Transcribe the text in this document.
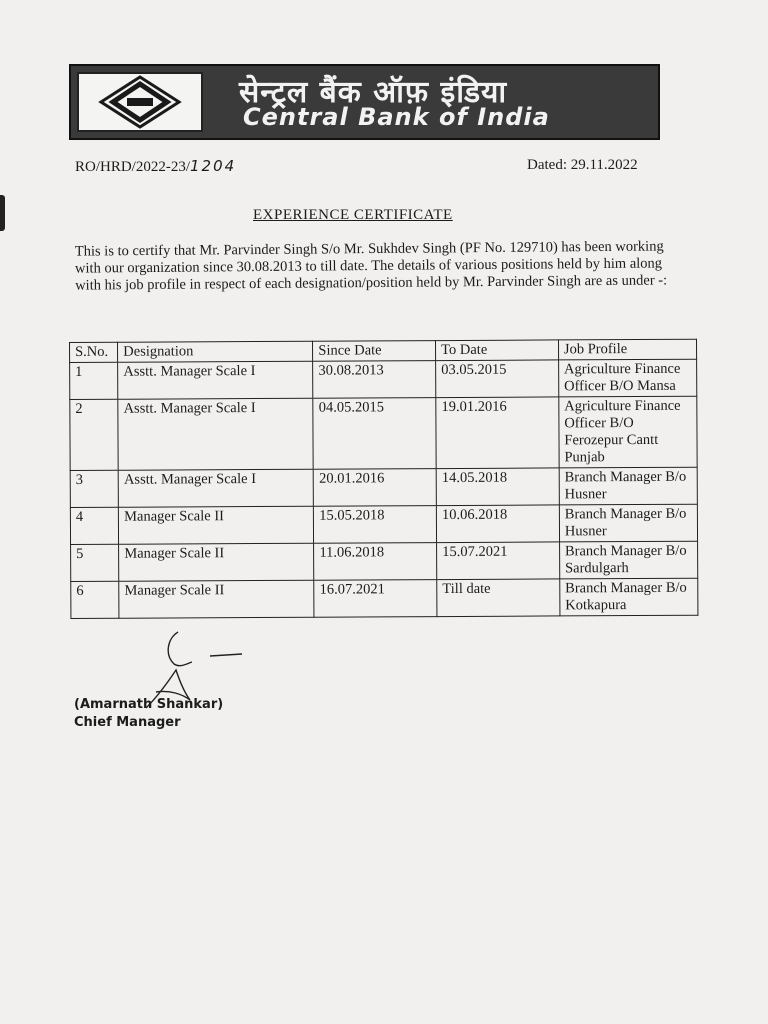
सेन्ट्रल बैंक ऑफ़ इंडिया
Central Bank of India
RO/HRD/2022-23/1204	Dated: 29.11.2022
EXPERIENCE CERTIFICATE
This is to certify that Mr. Parvinder Singh S/o Mr. Sukhdev Singh (PF No. 129710) has been working with our organization since 30.08.2013 to till date. The details of various positions held by him along with his job profile in respect of each designation/position held by Mr. Parvinder Singh are as under -:
S.No.	Designation	Since Date	To Date	Job Profile
1	Asstt. Manager Scale I	30.08.2013	03.05.2015	Agriculture Finance Officer B/O Mansa
2	Asstt. Manager Scale I	04.05.2015	19.01.2016	Agriculture Finance Officer B/O Ferozepur Cantt Punjab
3	Asstt. Manager Scale I	20.01.2016	14.05.2018	Branch Manager B/o Husner
4	Manager Scale II	15.05.2018	10.06.2018	Branch Manager B/o Husner
5	Manager Scale II	11.06.2018	15.07.2021	Branch Manager B/o Sardulgarh
6	Manager Scale II	16.07.2021	Till date	Branch Manager B/o Kotkapura
(Amarnath Shankar)
Chief Manager
